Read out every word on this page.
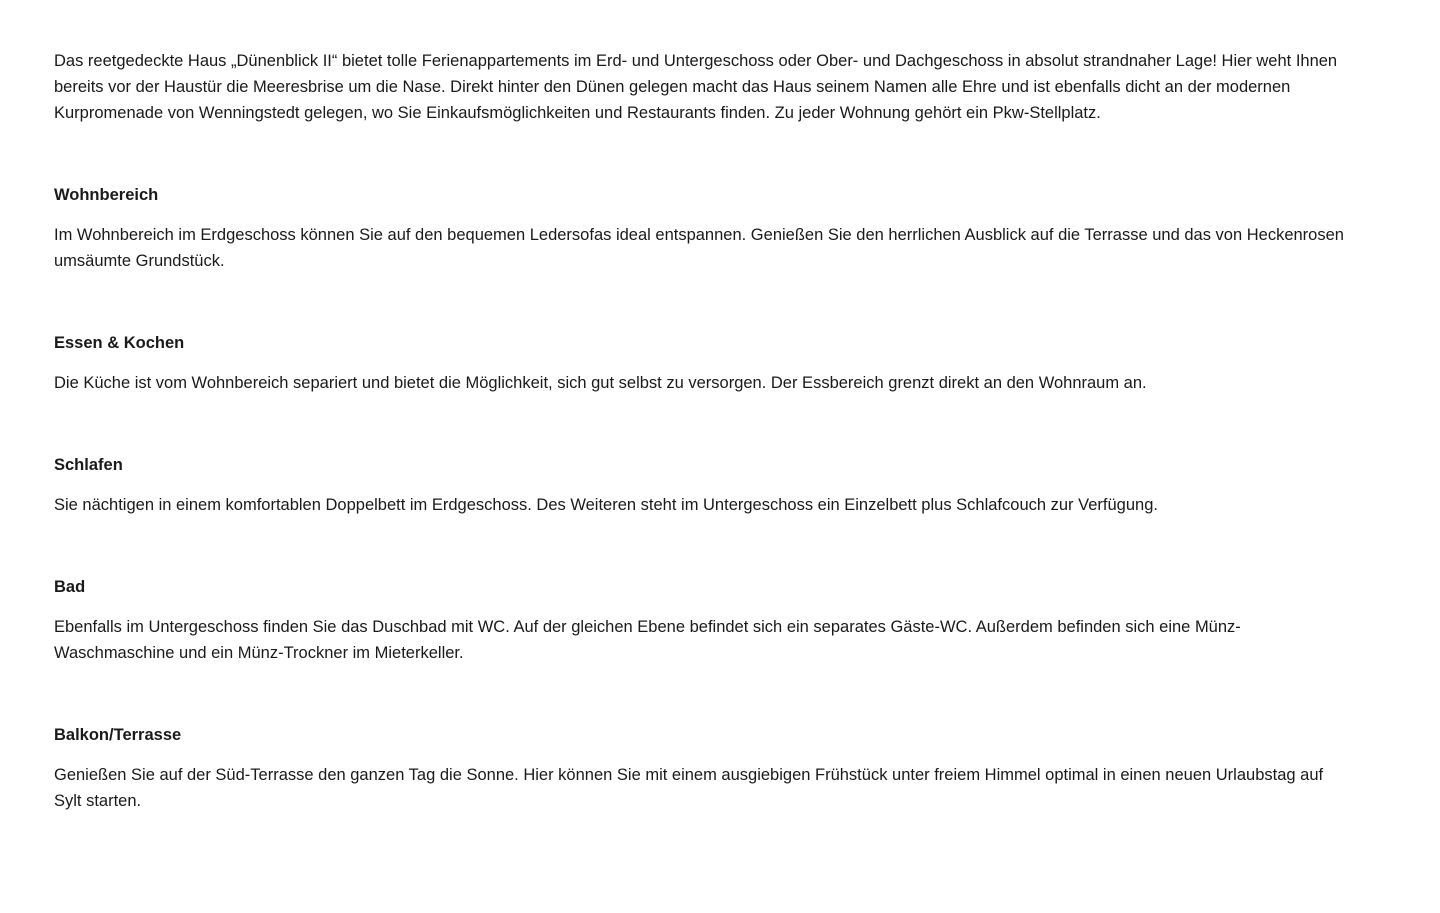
Das reetgedeckte Haus „Dünenblick II“ bietet tolle Ferienappartements im Erd- und Untergeschoss oder Ober- und Dachgeschoss in absolut strandnaher Lage! Hier weht Ihnen bereits vor der Haustür die Meeresbrise um die Nase. Direkt hinter den Dünen gelegen macht das Haus seinem Namen alle Ehre und ist ebenfalls dicht an der modernen Kurpromenade von Wenningstedt gelegen, wo Sie Einkaufsmöglichkeiten und Restaurants finden. Zu jeder Wohnung gehört ein Pkw-Stellplatz.

Wohnbereich

Im Wohnbereich im Erdgeschoss können Sie auf den bequemen Ledersofas ideal entspannen. Genießen Sie den herrlichen Ausblick auf die Terrasse und das von Heckenrosen umsäumte Grundstück.

Essen & Kochen

Die Küche ist vom Wohnbereich separiert und bietet die Möglichkeit, sich gut selbst zu versorgen. Der Essbereich grenzt direkt an den Wohnraum an.

Schlafen

Sie nächtigen in einem komfortablen Doppelbett im Erdgeschoss. Des Weiteren steht im Untergeschoss ein Einzelbett plus Schlafcouch zur Verfügung.

Bad

Ebenfalls im Untergeschoss finden Sie das Duschbad mit WC. Auf der gleichen Ebene befindet sich ein separates Gäste-WC. Außerdem befinden sich eine Münz-Waschmaschine und ein Münz-Trockner im Mieterkeller.

Balkon/Terrasse

Genießen Sie auf der Süd-Terrasse den ganzen Tag die Sonne. Hier können Sie mit einem ausgiebigen Frühstück unter freiem Himmel optimal in einen neuen Urlaubstag auf Sylt starten.
